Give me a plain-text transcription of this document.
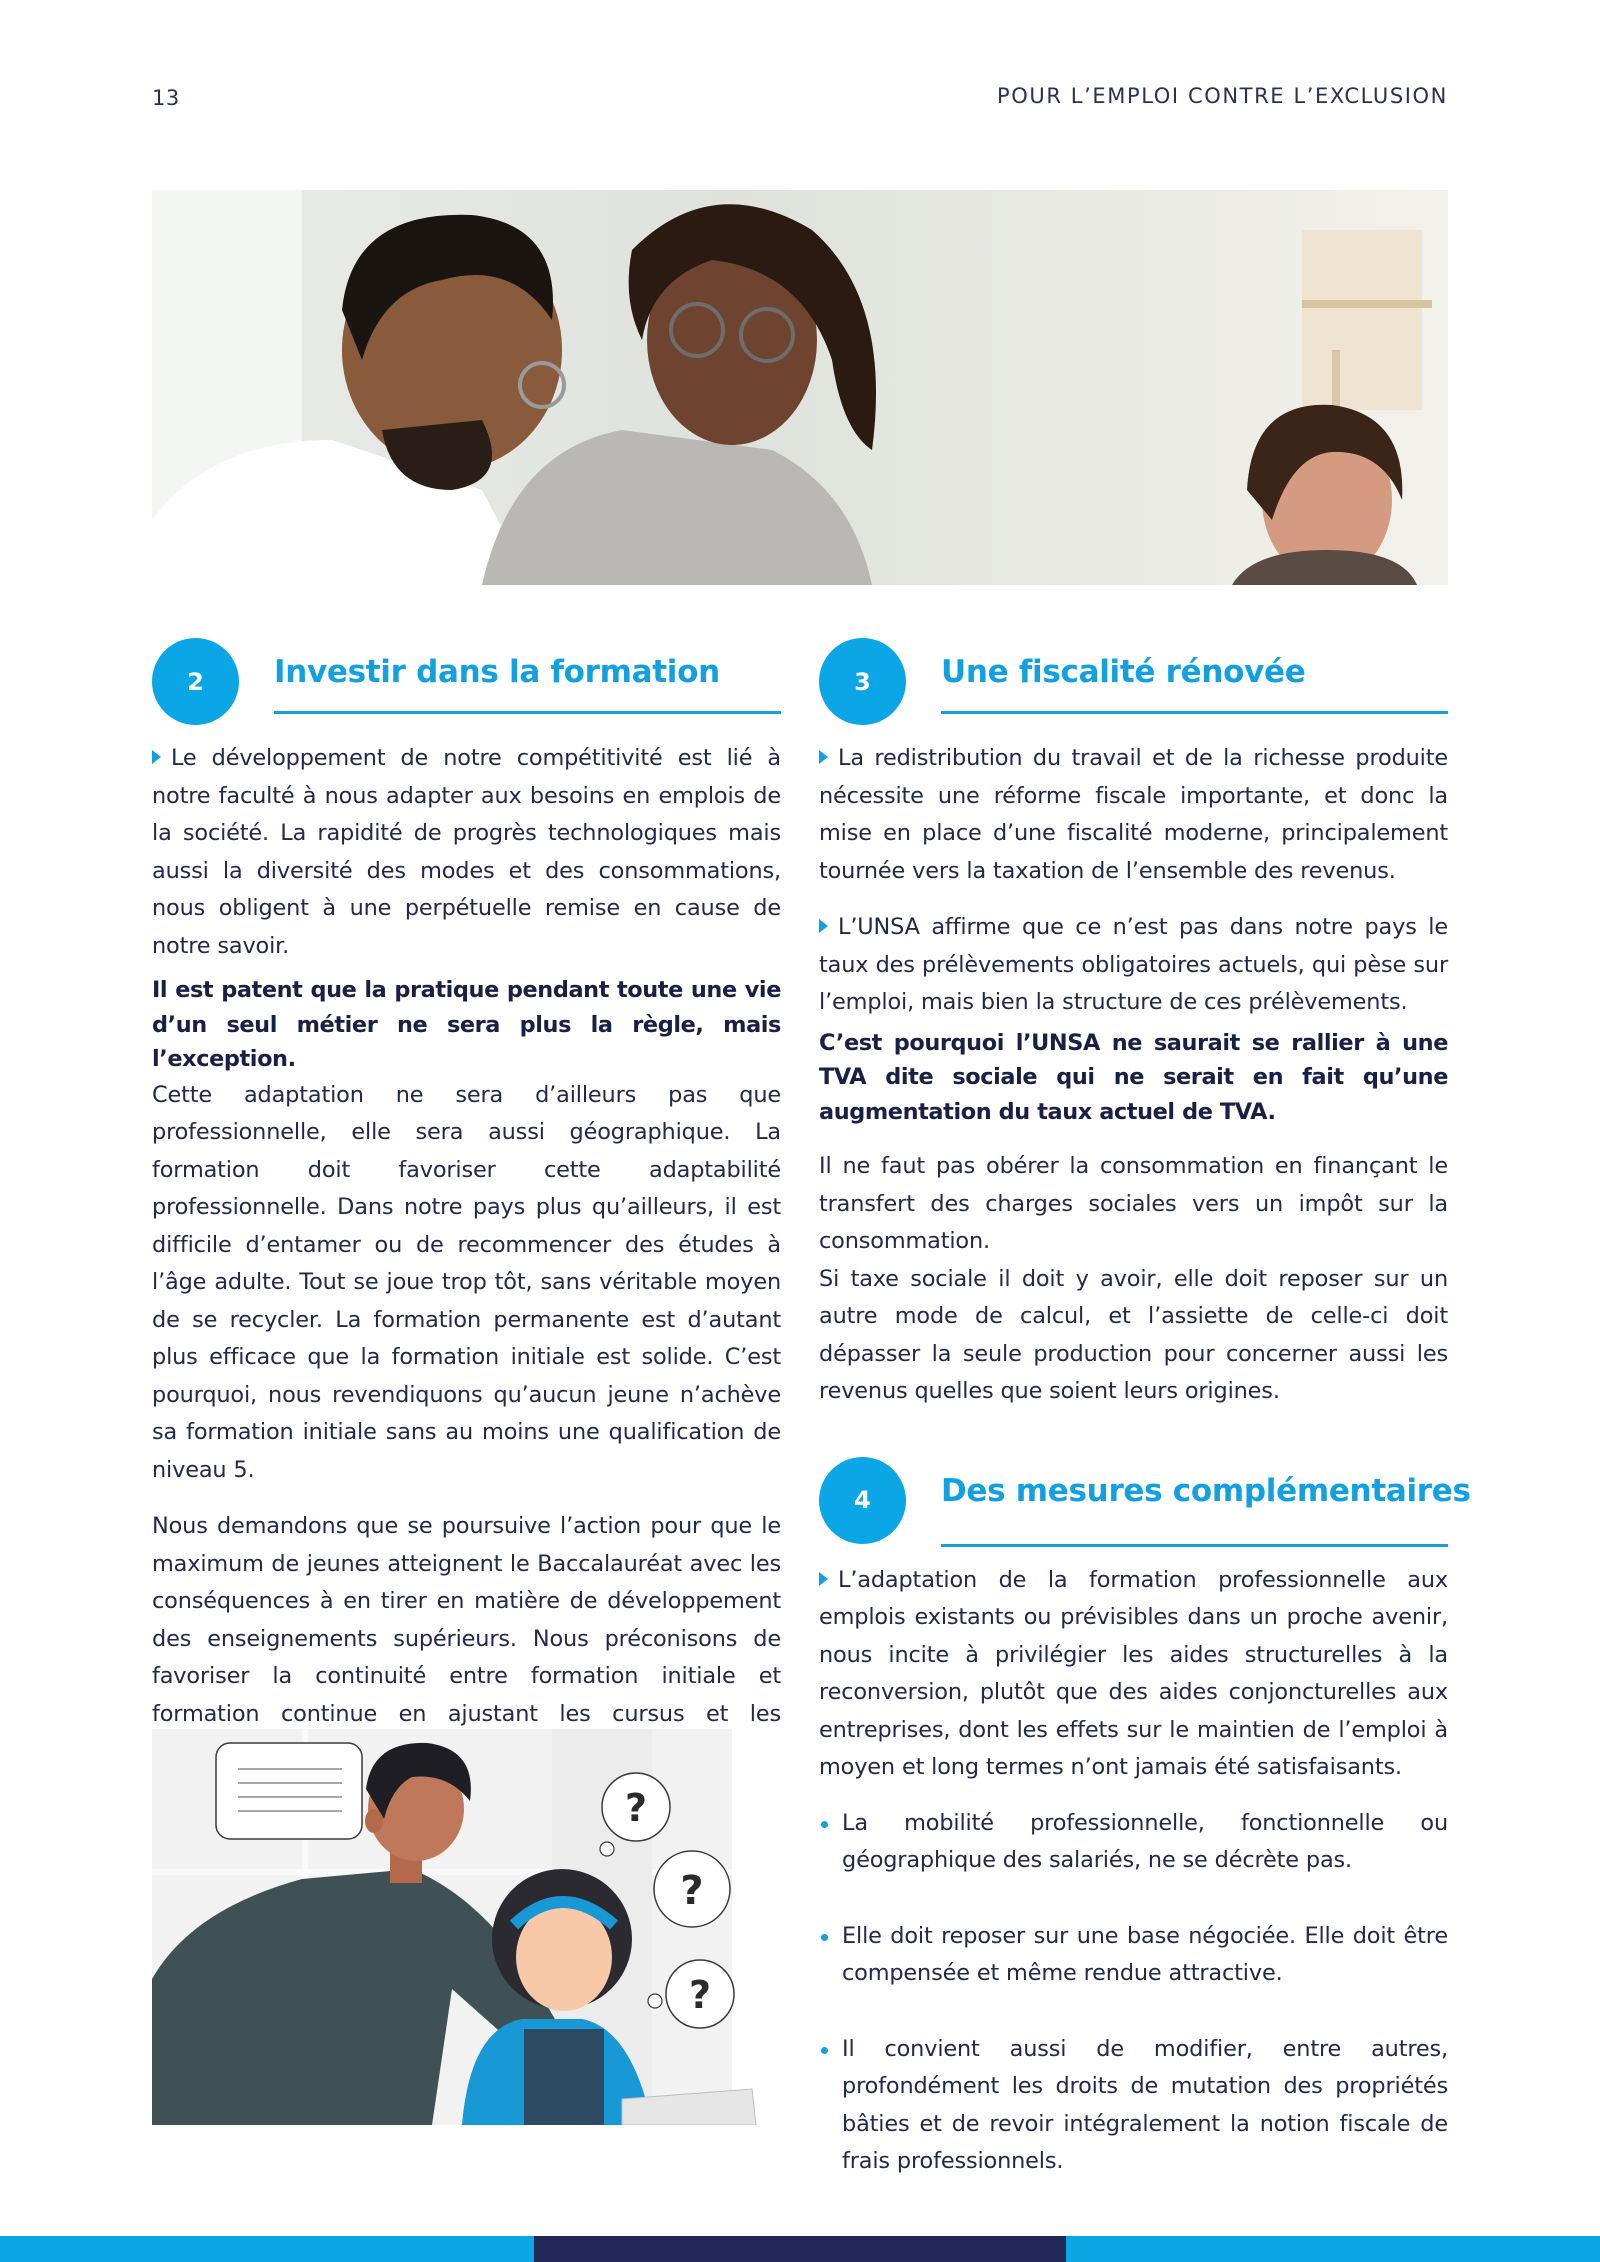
13	POUR L’EMPLOI CONTRE L’EXCLUSION
2	Investir dans la formation

Le développement de notre compétitivité est lié à notre faculté à nous adapter aux besoins en emplois de la société. La rapidité de progrès technologiques mais aussi la diversité des modes et des consommations, nous obligent à une perpétuelle remise en cause de notre savoir.

Il est patent que la pratique pendant toute une vie d’un seul métier ne sera plus la règle, mais l’exception.

Cette adaptation ne sera d’ailleurs pas que professionnelle, elle sera aussi géographique. La formation doit favoriser cette adaptabilité professionnelle. Dans notre pays plus qu’ailleurs, il est difficile d’entamer ou de recommencer des études à l’âge adulte. Tout se joue trop tôt, sans véritable moyen de se recycler. La formation permanente est d’autant plus efficace que la formation initiale est solide. C’est pourquoi, nous revendiquons qu’aucun jeune n’achève sa formation initiale sans au moins une qualification de niveau 5.

Nous demandons que se poursuive l’action pour que le maximum de jeunes atteignent le Baccalauréat avec les conséquences à en tirer en matière de développement des enseignements supérieurs. Nous préconisons de favoriser la continuité entre formation initiale et formation continue en ajustant les cursus et les

?
?
?
3	Une fiscalité rénovée

La redistribution du travail et de la richesse produite nécessite une réforme fiscale importante, et donc la mise en place d’une fiscalité moderne, principalement tournée vers la taxation de l’ensemble des revenus.

L’UNSA affirme que ce n’est pas dans notre pays le taux des prélèvements obligatoires actuels, qui pèse sur l’emploi, mais bien la structure de ces prélèvements.

C’est pourquoi l’UNSA ne saurait se rallier à une TVA dite sociale qui ne serait en fait qu’une augmentation du taux actuel de TVA.

Il ne faut pas obérer la consommation en finançant le transfert des charges sociales vers un impôt sur la consommation.

Si taxe sociale il doit y avoir, elle doit reposer sur un autre mode de calcul, et l’assiette de celle-ci doit dépasser la seule production pour concerner aussi les revenus quelles que soient leurs origines.

4	Des mesures complémentaires

L’adaptation de la formation professionnelle aux emplois existants ou prévisibles dans un proche avenir, nous incite à privilégier les aides structurelles à la reconversion, plutôt que des aides conjoncturelles aux entreprises, dont les effets sur le maintien de l’emploi à moyen et long termes n’ont jamais été satisfaisants.

La mobilité professionnelle, fonctionnelle ou géographique des salariés, ne se décrète pas.
Elle doit reposer sur une base négociée. Elle doit être compensée et même rendue attractive.
Il convient aussi de modifier, entre autres, profondément les droits de mutation des propriétés bâties et de revoir intégralement la notion fiscale de frais professionnels.
